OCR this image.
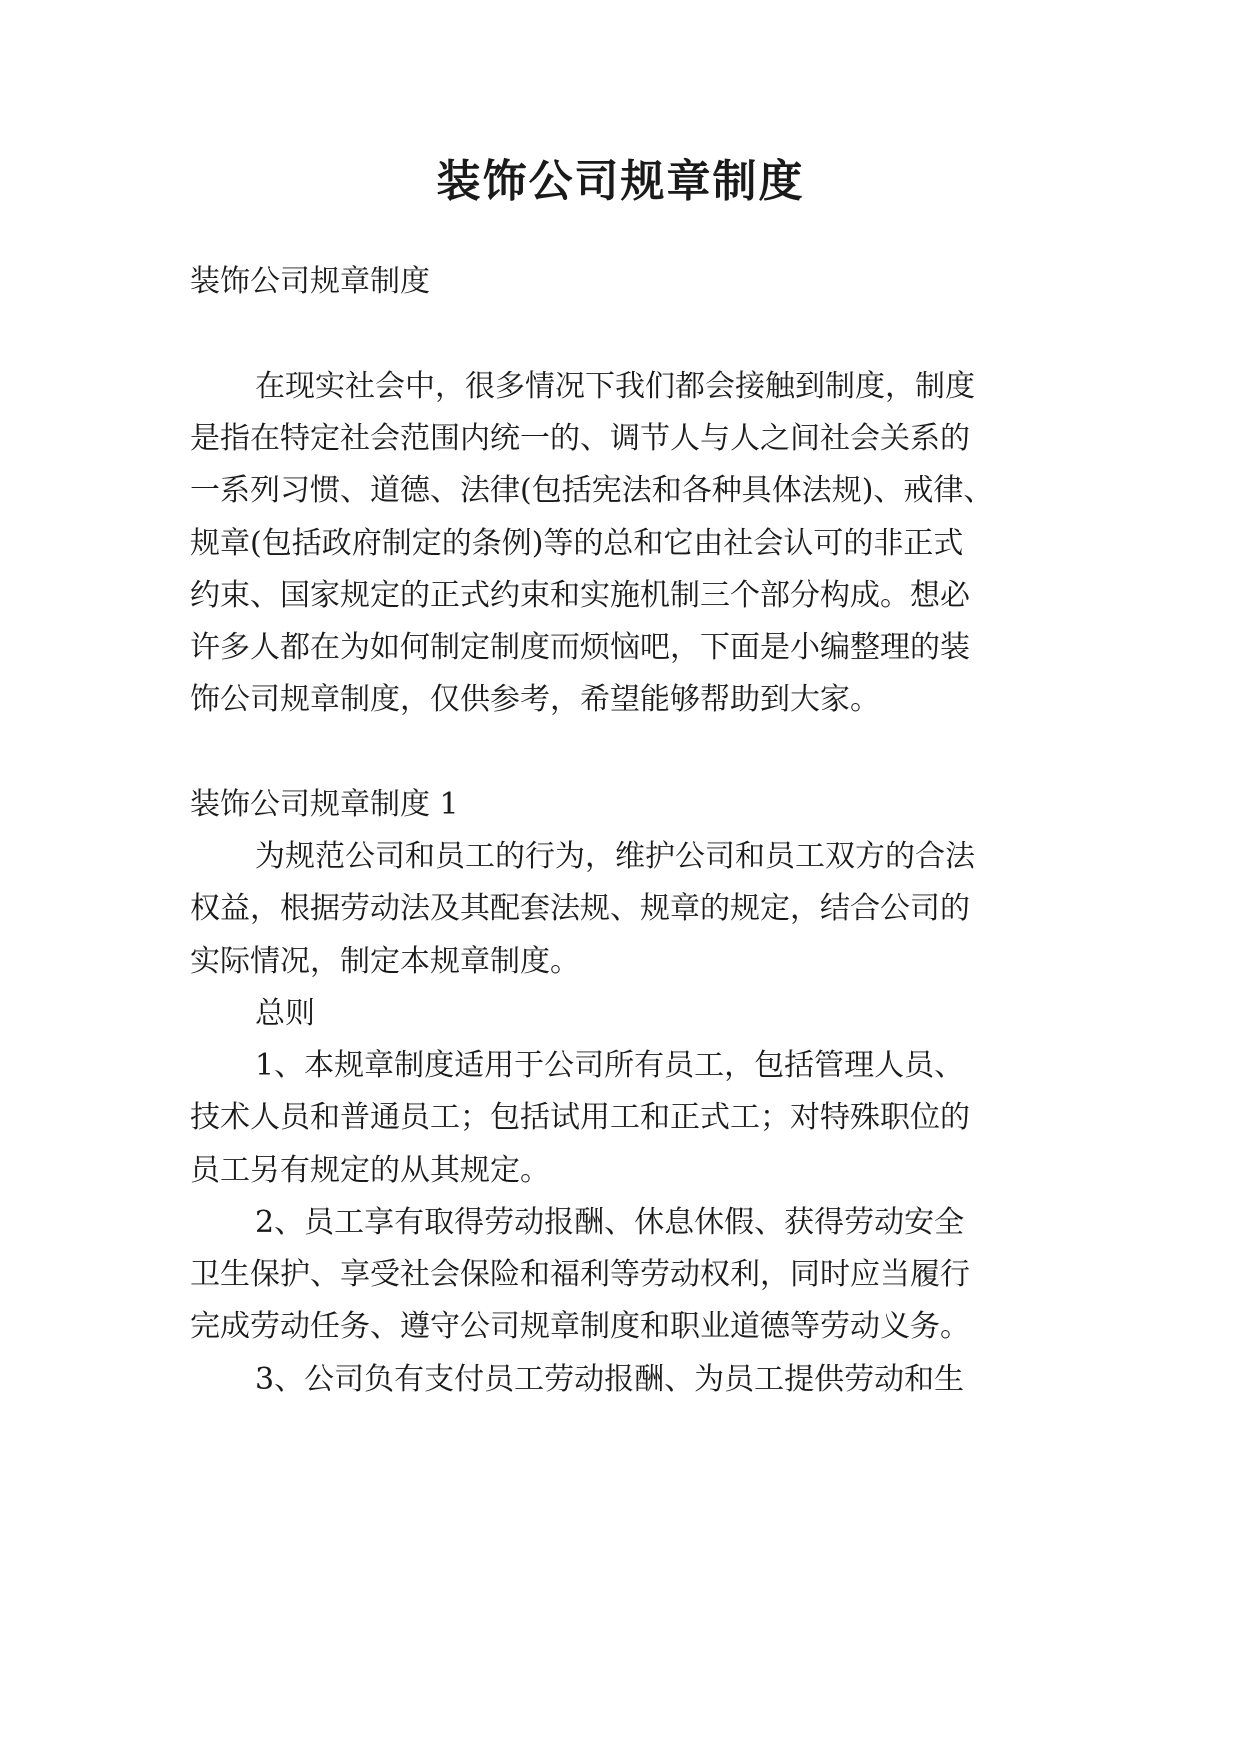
装饰公司规章制度

装饰公司规章制度

在现实社会中，很多情况下我们都会接触到制度，制度

是指在特定社会范围内统一的、调节人与人之间社会关系的

一系列习惯、道德、法律(包括宪法和各种具体法规)、戒律、

规章(包括政府制定的条例)等的总和它由社会认可的非正式

约束、国家规定的正式约束和实施机制三个部分构成。想必

许多人都在为如何制定制度而烦恼吧，下面是小编整理的装

饰公司规章制度，仅供参考，希望能够帮助到大家。

装饰公司规章制度 1

为规范公司和员工的行为，维护公司和员工双方的合法

权益，根据劳动法及其配套法规、规章的规定，结合公司的

实际情况，制定本规章制度。

总则

1、本规章制度适用于公司所有员工，包括管理人员、

技术人员和普通员工；包括试用工和正式工；对特殊职位的

员工另有规定的从其规定。

2、员工享有取得劳动报酬、休息休假、获得劳动安全

卫生保护、享受社会保险和福利等劳动权利，同时应当履行

完成劳动任务、遵守公司规章制度和职业道德等劳动义务。

3、公司负有支付员工劳动报酬、为员工提供劳动和生
